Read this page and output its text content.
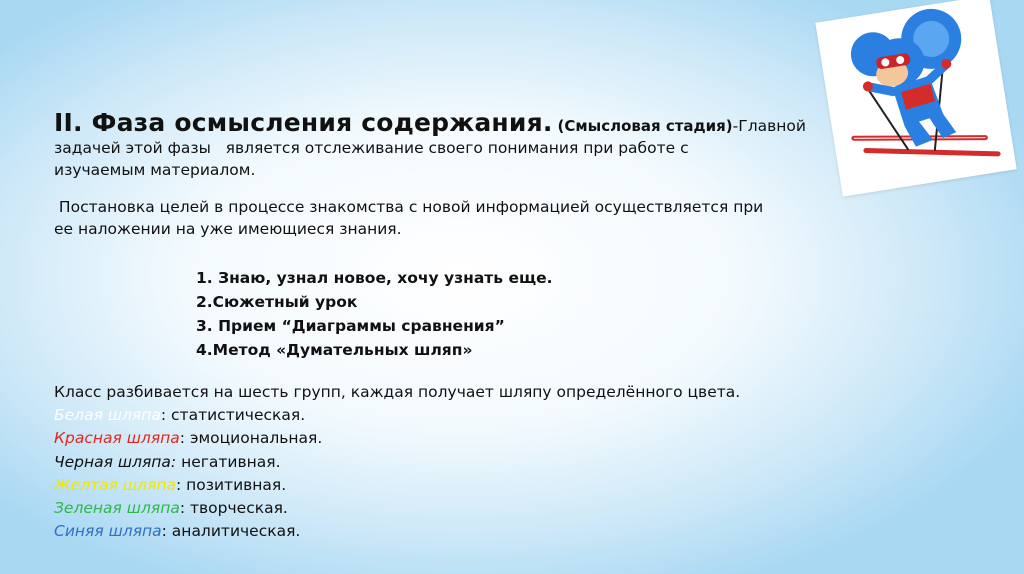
II. Фаза осмысления содержания. (Смысловая стадия)-Главной
задачей этой фазы   является отслеживание своего понимания при работе с
изучаемым материалом.
Постановка целей в процессе знакомства с новой информацией осуществляется при
ее наложении на уже имеющиеся знания.
1. Знаю, узнал новое, хочу узнать еще.
2.Сюжетный урок
3. Прием “Диаграммы сравнения”
4.Метод «Думательных шляп»
Класс разбивается на шесть групп, каждая получает шляпу определённого цвета.
Белая шляпа: статистическая.
Красная шляпа: эмоциональная.
Черная шляпа: негативная.
Желтая шляпа: позитивная.
Зеленая шляпа: творческая.
Синяя шляпа: аналитическая.
